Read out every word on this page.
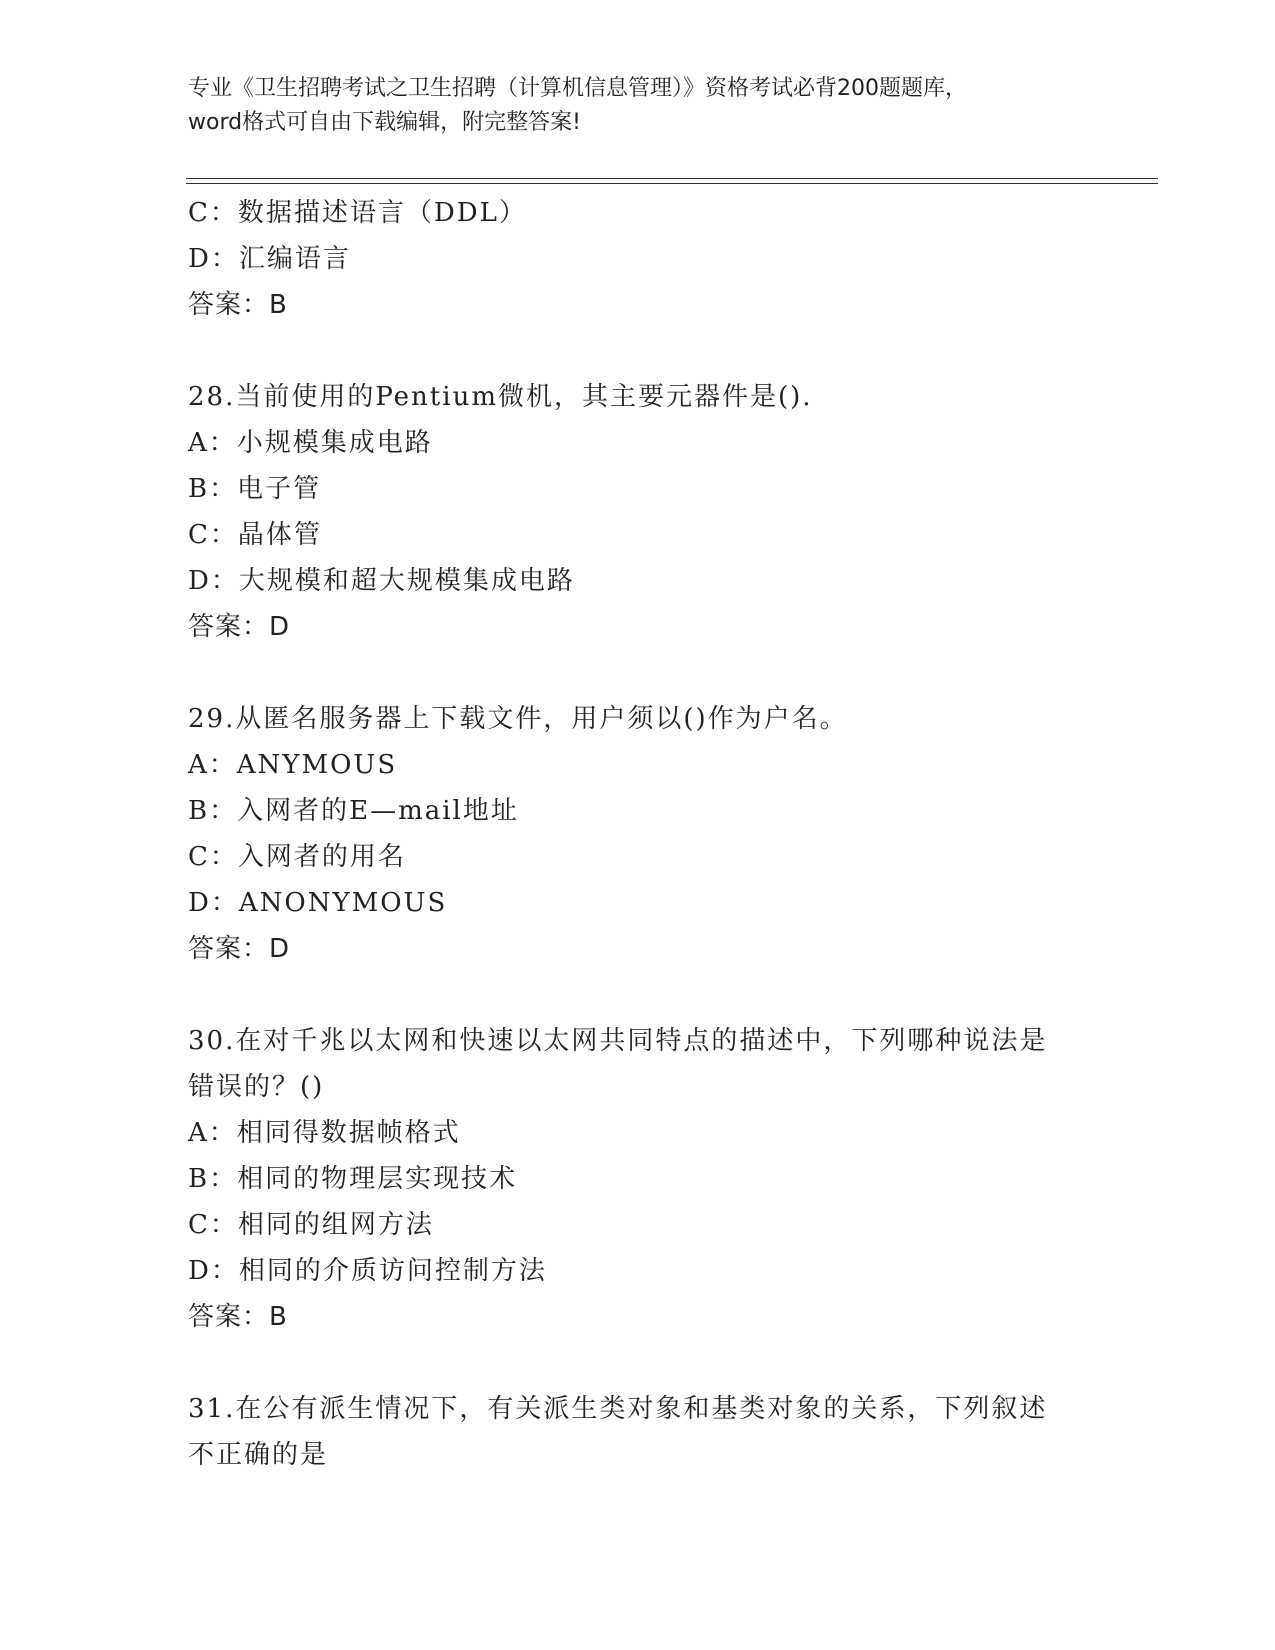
专业《卫生招聘考试之卫生招聘（计算机信息管理）》资格考试必背200题题库，
word格式可自由下载编辑，附完整答案!
C：数据描述语言（DDL）
D：汇编语言
答案：B
28.当前使用的Pentium微机，其主要元器件是().
A：小规模集成电路
B：电子管
C：晶体管
D：大规模和超大规模集成电路
答案：D
29.从匿名服务器上下载文件，用户须以()作为户名。
A：ANYMOUS
B：入网者的E—mail地址
C：入网者的用名
D：ANONYMOUS
答案：D
30.在对千兆以太网和快速以太网共同特点的描述中，下列哪种说法是
错误的？()
A：相同得数据帧格式
B：相同的物理层实现技术
C：相同的组网方法
D：相同的介质访问控制方法
答案：B
31.在公有派生情况下，有关派生类对象和基类对象的关系，下列叙述
不正确的是
